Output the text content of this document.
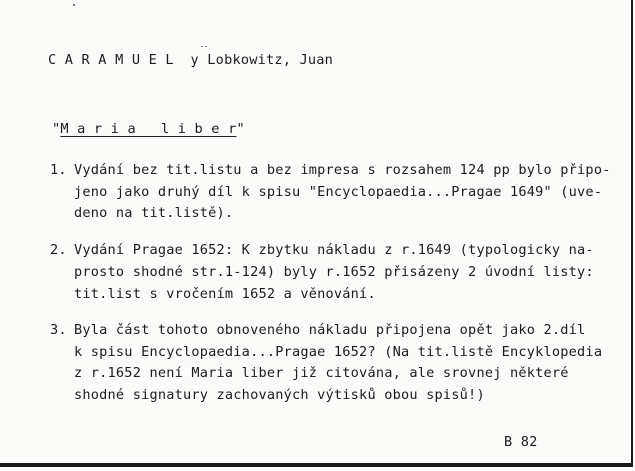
C A R A M U E L  y Lobkowitz, Juan
"M a r i a   l i b e r"
1. Vydání bez tit.listu a bez impresa s rozsahem 124 pp bylo připo-
jeno jako druhý díl k spisu "Encyclopaedia...Pragae 1649" (uve-
deno na tit.listě).
2. Vydání Pragae 1652: K zbytku nákladu z r.1649 (typologicky na-
prosto shodné str.1-124) byly r.1652 přisázeny 2 úvodní listy:
tit.list s vročením 1652 a věnování.
3. Byla část tohoto obnoveného nákladu připojena opět jako 2.díl
k spisu Encyclopaedia...Pragae 1652? (Na tit.listě Encyklopedia
z r.1652 není Maria liber již citována, ale srovnej některé
shodné signatury zachovaných výtisků obou spisů!)
B 82
